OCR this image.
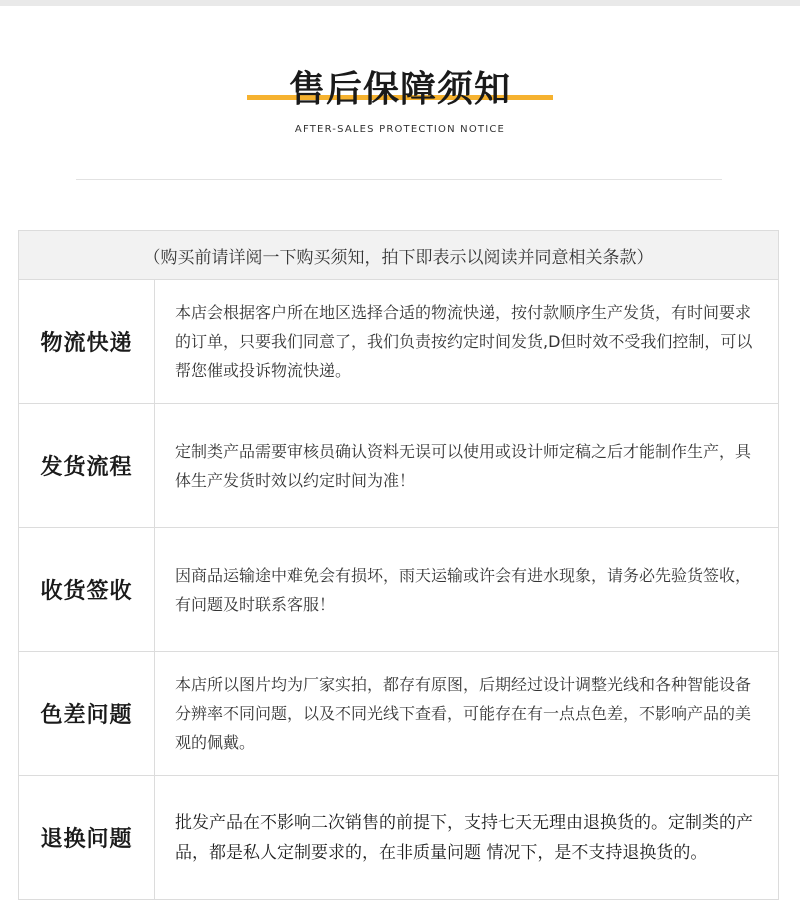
售后保障须知
AFTER-SALES PROTECTION NOTICE
（购买前请详阅一下购买须知，拍下即表示以阅读并同意相关条款）
物流快递
本店会根据客户所在地区选择合适的物流快递，按付款顺序生产发货，有时间要求的订单，只要我们同意了，我们负责按约定时间发货,D但时效不受我们控制，可以帮您催或投诉物流快递。
发货流程
定制类产品需要审核员确认资料无误可以使用或设计师定稿之后才能制作生产，具体生产发货时效以约定时间为准！
收货签收
因商品运输途中难免会有损坏，雨天运输或许会有进水现象，请务必先验货签收，有问题及时联系客服！
色差问题
本店所以图片均为厂家实拍，都存有原图，后期经过设计调整光线和各种智能设备分辨率不同问题，以及不同光线下查看，可能存在有一点点色差，不影响产品的美观的佩戴。
退换问题
批发产品在不影响二次销售的前提下，支持七天无理由退换货的。定制类的产品，都是私人定制要求的，在非质量问题 情况下，是不支持退换货的。
